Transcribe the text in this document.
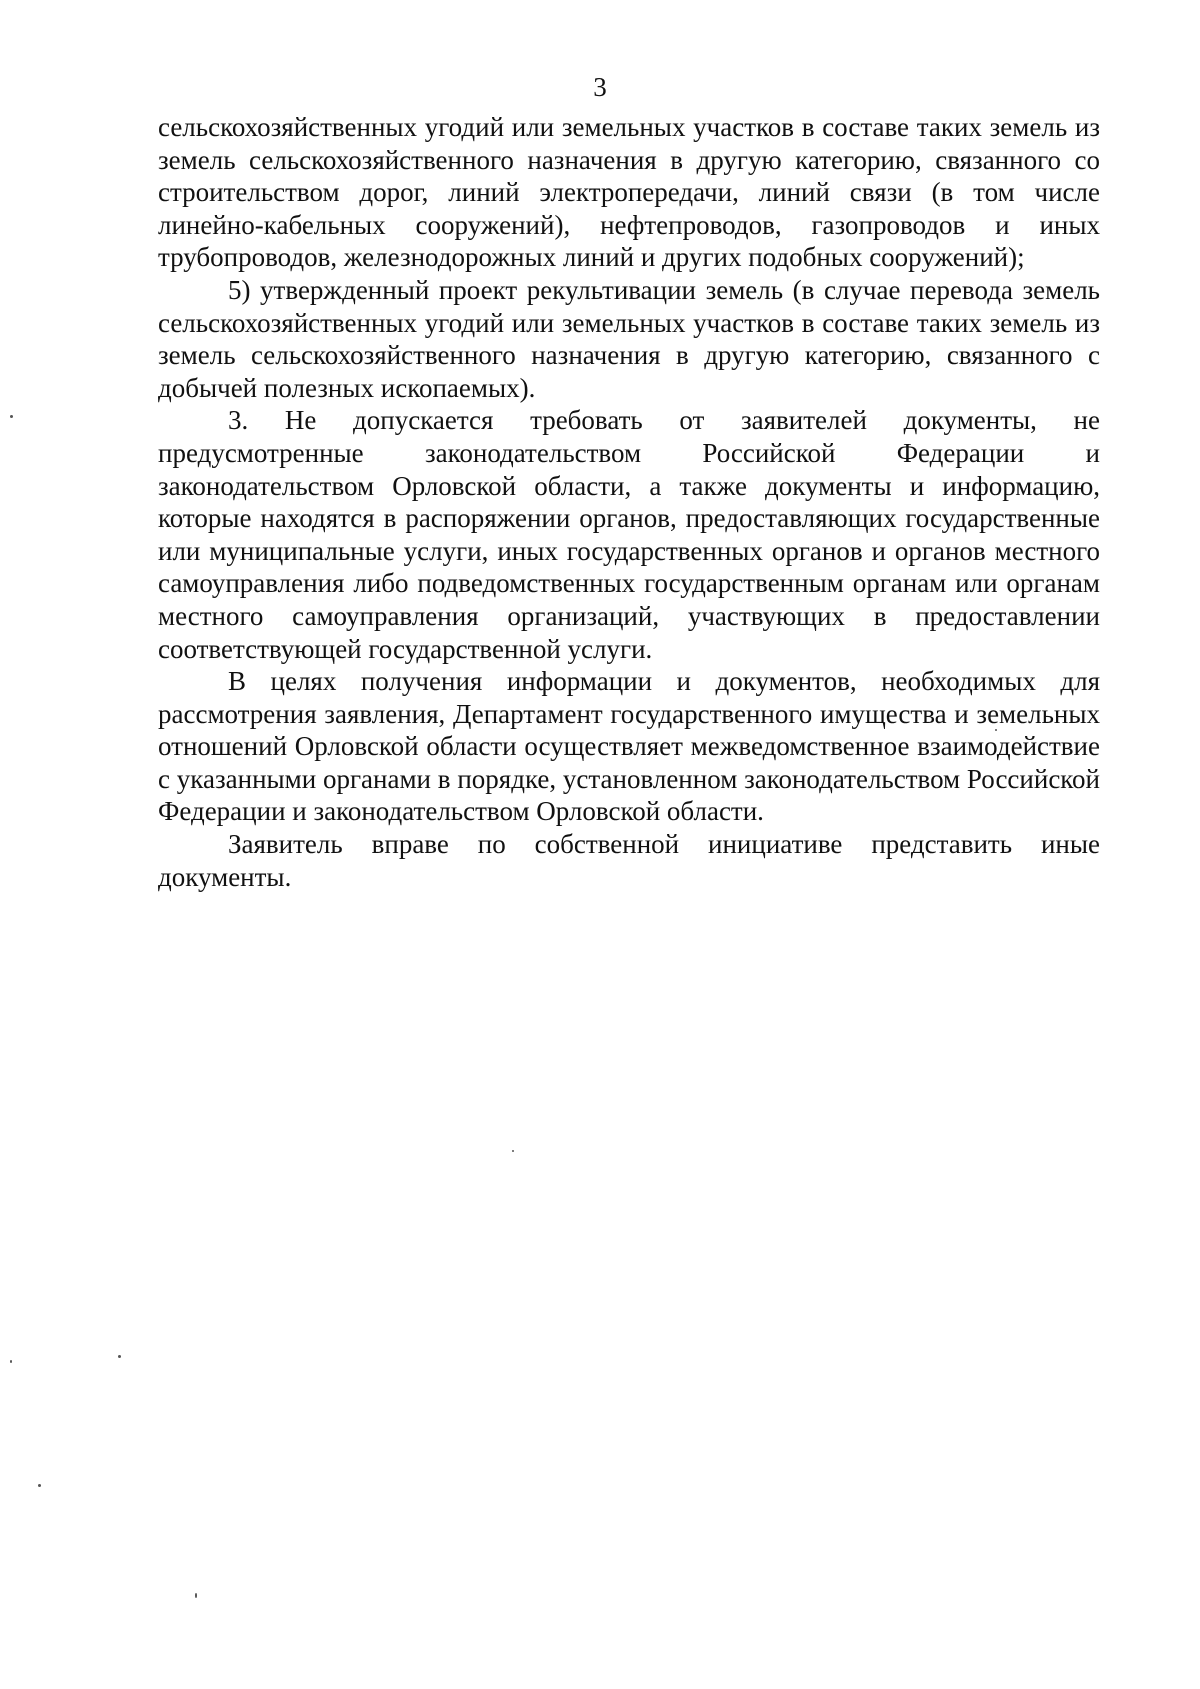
3

сельскохозяйственных угодий или земельных участков в составе таких земель из земель сельскохозяйственного назначения в другую категорию, связанного со строительством дорог, линий электропередачи, линий связи (в том числе линейно-кабельных сооружений), нефтепроводов, газопроводов и иных трубопроводов, железнодорожных линий и других подобных сооружений);

5) утвержденный проект рекультивации земель (в случае перевода земель сельскохозяйственных угодий или земельных участков в составе таких земель из земель сельскохозяйственного назначения в другую категорию, связанного с добычей полезных ископаемых).

3. Не допускается требовать от заявителей документы, не предусмотренные законодательством Российской Федерации и законодательством Орловской области, а также документы и информацию, которые находятся в распоряжении органов, предоставляющих государственные или муниципальные услуги, иных государственных органов и органов местного самоуправления либо подведомственных государственным органам или органам местного самоуправления организаций, участвующих в предоставлении соответствующей государственной услуги.

В целях получения информации и документов, необходимых для рассмотрения заявления, Департамент государственного имущества и земельных отношений Орловской области осуществляет межведомственное взаимодействие с указанными органами в порядке, установленном законодательством Российской Федерации и законодательством Орловской области.

Заявитель вправе по собственной инициативе представить иные документы.
